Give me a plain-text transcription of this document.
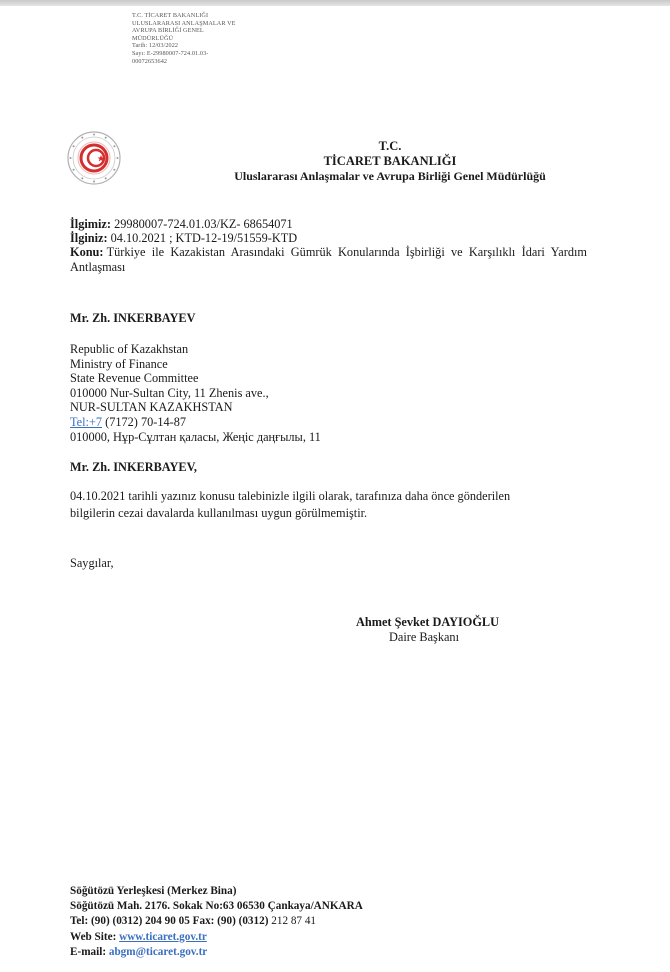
T.C. TİCARET BAKANLIĞI
ULUSLARARASI ANLAŞMALAR VE
AVRUPA BİRLİĞİ GENEL
MÜDÜRLÜĞÜ
Tarih: 12/03/2022
Sayı: E-29980007-724.01.03-
00072653642
T.C.
TİCARET BAKANLIĞI
Uluslararası Anlaşmalar ve Avrupa Birliği Genel Müdürlüğü
İlgimiz: 29980007-724.01.03/KZ- 68654071
İlginiz: 04.10.2021 ; KTD-12-19/51559-KTD
Konu: Türkiye ile Kazakistan Arasındaki Gümrük Konularında İşbirliği ve Karşılıklı İdari Yardım
Antlaşması
Mr. Zh. INKERBAYEV
Republic of Kazakhstan
Ministry of Finance
State Revenue Committee
010000 Nur-Sultan City, 11 Zhenis ave.,
NUR-SULTAN KAZAKHSTAN
Tel:+7 (7172) 70-14-87
010000, Нұр-Сұлтан қаласы, Жеңіс даңғылы, 11
Mr. Zh. INKERBAYEV,
04.10.2021 tarihli yazınız konusu talebinizle ilgili olarak, tarafınıza daha önce gönderilen
bilgilerin cezai davalarda kullanılması uygun görülmemiştir.
Saygılar,
Ahmet Şevket DAYIOĞLU
Daire Başkanı
Söğütözü Yerleşkesi (Merkez Bina)
Söğütözü Mah. 2176. Sokak No:63 06530 Çankaya/ANKARA
Tel: (90) (0312) 204 90 05 Fax: (90) (0312) 212 87 41
Web Site: www.ticaret.gov.tr
E-mail: abgm@ticaret.gov.tr
